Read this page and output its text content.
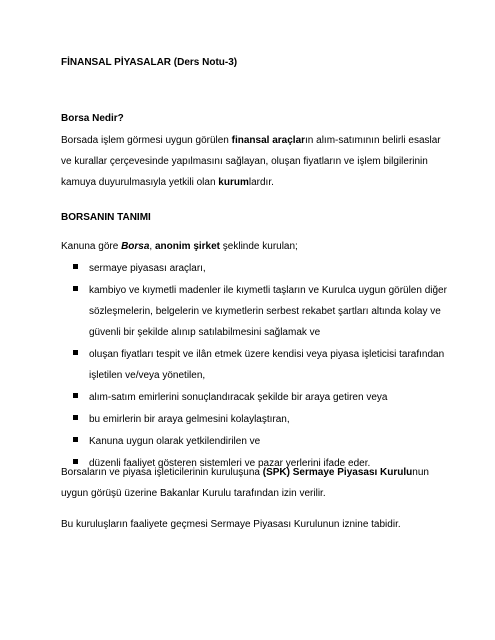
FİNANSAL PİYASALAR (Ders Notu-3)
Borsa Nedir?
Borsada işlem görmesi uygun görülen finansal araçların alım-satımının belirli esaslar
ve kurallar çerçevesinde yapılmasını sağlayan, oluşan fiyatların ve işlem bilgilerinin
kamuya duyurulmasıyla yetkili olan kurumlardır.
BORSANIN TANIMI
Kanuna göre Borsa, anonim şirket şeklinde kurulan;
sermaye piyasası araçları,
kambiyo ve kıymetli madenler ile kıymetli taşların ve Kurulca uygun görülen diğer
sözleşmelerin, belgelerin ve kıymetlerin serbest rekabet şartları altında kolay ve
güvenli bir şekilde alınıp satılabilmesini sağlamak ve
oluşan fiyatları tespit ve ilân etmek üzere kendisi veya piyasa işleticisi tarafından
işletilen ve/veya yönetilen,
alım-satım emirlerini sonuçlandıracak şekilde bir araya getiren veya
bu emirlerin bir araya gelmesini kolaylaştıran,
Kanuna uygun olarak yetkilendirilen ve
düzenli faaliyet gösteren sistemleri ve pazar yerlerini ifade eder.
Borsaların ve piyasa işleticilerinin kuruluşuna (SPK) Sermaye Piyasası Kurulunun
uygun görüşü üzerine Bakanlar Kurulu tarafından izin verilir.
Bu kuruluşların faaliyete geçmesi Sermaye Piyasası Kurulunun iznine tabidir.
